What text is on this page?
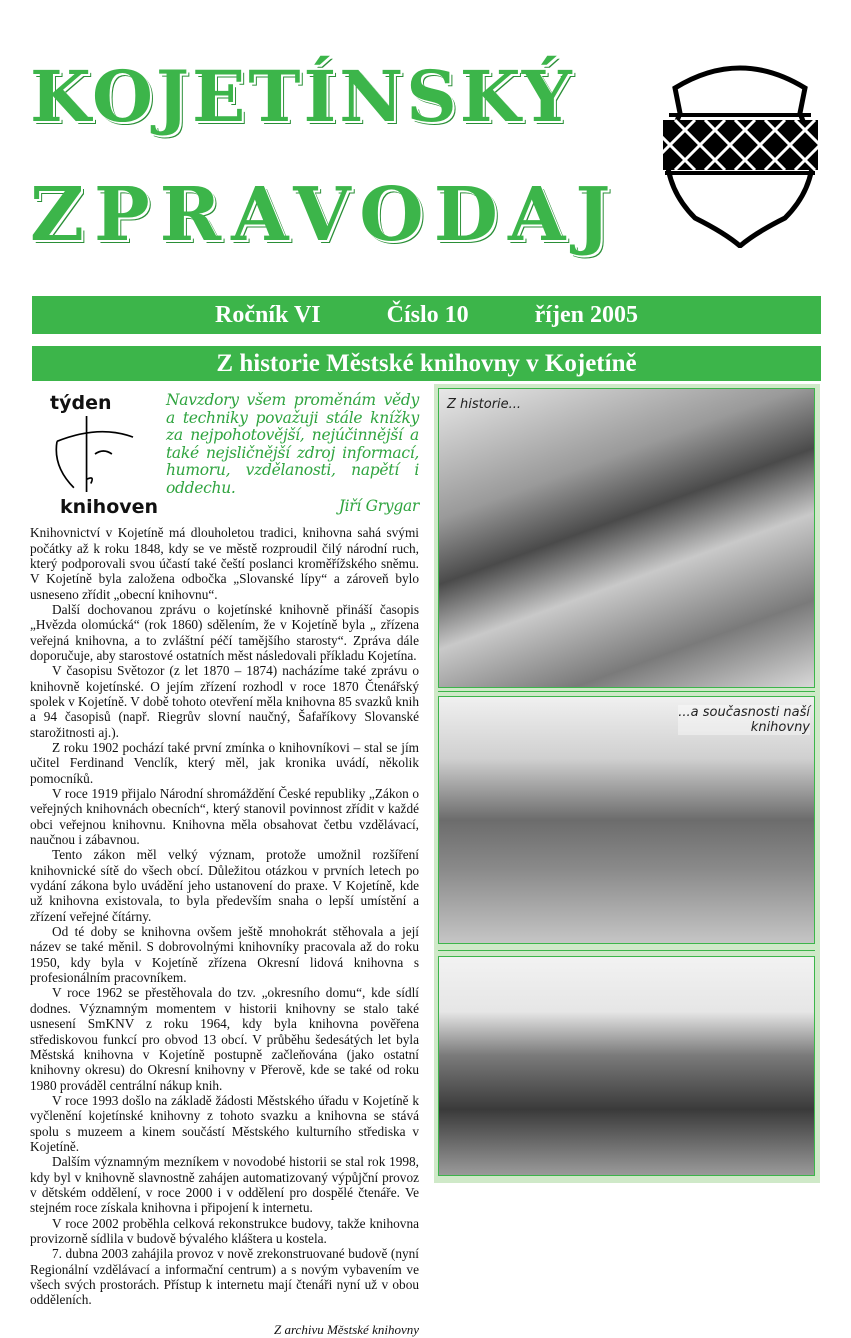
KOJETÍNSKÝ
ZPRAVODAJ
Ročník VI	Číslo 10	říjen 2005
Z historie Městské knihovny v Kojetíně
Z historie...
...a současnosti naší
knihovny
týden
knihoven
Navzdory všem proměnám vědy a techniky považuji stále knížky za nejpohotovější, nejúčinnější a také nejsličnější zdroj informací, humoru, vzdělanosti, napětí i oddechu.
Jiří Grygar

Knihovnictví v Kojetíně má dlouholetou tradici, knihovna sahá svými počátky až k roku 1848, kdy se ve městě rozproudil čilý národní ruch, který podporovali svou účastí také čeští poslanci kroměřížského sněmu. V Kojetíně byla založena odbočka „Slovanské lípy“ a zároveň bylo usneseno zřídit „obecní knihovnu“.

Další dochovanou zprávu o kojetínské knihovně přináší časopis „Hvězda olomúcká“ (rok 1860) sdělením, že v Kojetíně byla „ zřízena veřejná knihovna, a to zvláštní péčí tamějšího starosty“. Zpráva dále doporučuje, aby starostové ostatních měst následovali příkladu Kojetína.

V časopisu Světozor (z let 1870 – 1874) nacházíme také zprávu o knihovně kojetínské. O jejím zřízení rozhodl v roce 1870 Čtenářský spolek v Kojetíně. V době tohoto otevření měla knihovna 85 svazků knih a 94 časopisů (např. Riegrův slovní naučný, Šafaříkovy Slovanské starožitnosti aj.).

Z roku 1902 pochází také první zmínka o knihovníkovi – stal se jím učitel Ferdinand Venclík, který měl, jak kronika uvádí, několik pomocníků.

V roce 1919 přijalo Národní shromáždění České republiky „Zákon o veřejných knihovnách obecních“, který stanovil povinnost zřídit v každé obci veřejnou knihovnu. Knihovna měla obsahovat četbu vzdělávací, naučnou i zábavnou.

Tento zákon měl velký význam, protože umožnil rozšíření knihovnické sítě do všech obcí. Důležitou otázkou v prvních letech po vydání zákona bylo uvádění jeho ustanovení do praxe. V Kojetíně, kde už knihovna existovala, to byla především snaha o lepší umístění a zřízení veřejné čítárny.

Od té doby se knihovna ovšem ještě mnohokrát stěhovala a její název se také měnil. S dobrovolnými knihovníky pracovala až do roku 1950, kdy byla v Kojetíně zřízena Okresní lidová knihovna s profesionálním pracovníkem.

V roce 1962 se přestěhovala do tzv. „okresního domu“, kde sídlí dodnes. Významným momentem v historii knihovny se stalo také usnesení SmKNV z roku 1964, kdy byla knihovna pověřena střediskovou funkcí pro obvod 13 obcí. V průběhu šedesátých let byla Městská knihovna v Kojetíně postupně začleňována (jako ostatní knihovny okresu) do Okresní knihovny v Přerově, kde se také od roku 1980 prováděl centrální nákup knih.

V roce 1993 došlo na základě žádosti Městského úřadu v Kojetíně k vyčlenění kojetínské knihovny z tohoto svazku a knihovna se stává spolu s muzeem a kinem součástí Městského kulturního střediska v Kojetíně.

Dalším významným mezníkem v novodobé historii se stal rok 1998, kdy byl v knihovně slavnostně zahájen automatizovaný výpůjční provoz v dětském oddělení, v roce 2000 i v oddělení pro dospělé čtenáře. Ve stejném roce získala knihovna i připojení k internetu.

V roce 2002 proběhla celková rekonstrukce budovy, takže knihovna provizorně sídlila v budově bývalého kláštera u kostela.

7. dubna 2003 zahájila provoz v nově zrekonstruované budově (nyní Regionální vzdělávací a informační centrum) a s novým vybavením ve všech svých prostorách. Přístup k internetu mají čtenáři nyní už v obou odděleních.

Z archivu Městské knihovny
